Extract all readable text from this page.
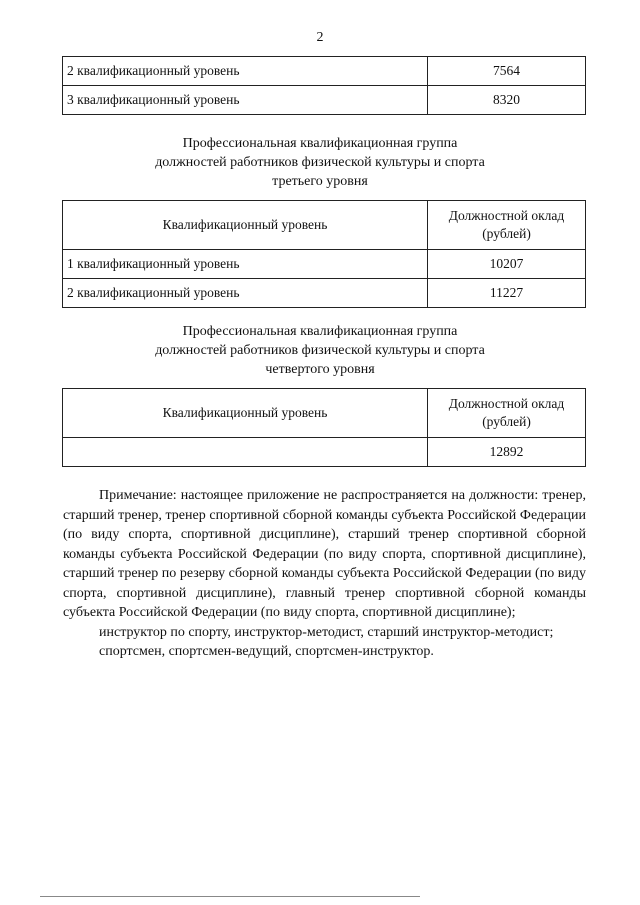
2
2 квалификационный уровень	7564
3 квалификационный уровень	8320
Профессиональная квалификационная группа
должностей работников физической культуры и спорта
третьего уровня
Квалификационный уровень	Должностной оклад
(рублей)

1 квалификационный уровень	10207
2 квалификационный уровень	11227
Профессиональная квалификационная группа
должностей работников физической культуры и спорта
четвертого уровня
Квалификационный уровень	Должностной оклад
(рублей)

	12892

Примечание: настоящее приложение не распространяется на должности: тренер, старший тренер, тренер спортивной сборной команды субъекта Российской Федерации (по виду спорта, спортивной дисциплине), старший тренер спортивной сборной команды субъекта Российской Федерации (по виду спорта, спортивной дисциплине), старший тренер по резерву сборной команды субъекта Российской Федерации (по виду спорта, спортивной дисциплине), главный тренер спортивной сборной команды субъекта Российской Федерации (по виду спорта, спортивной дисциплине);

инструктор по спорту, инструктор-методист, старший инструктор-методист;

спортсмен, спортсмен-ведущий, спортсмен-инструктор.
